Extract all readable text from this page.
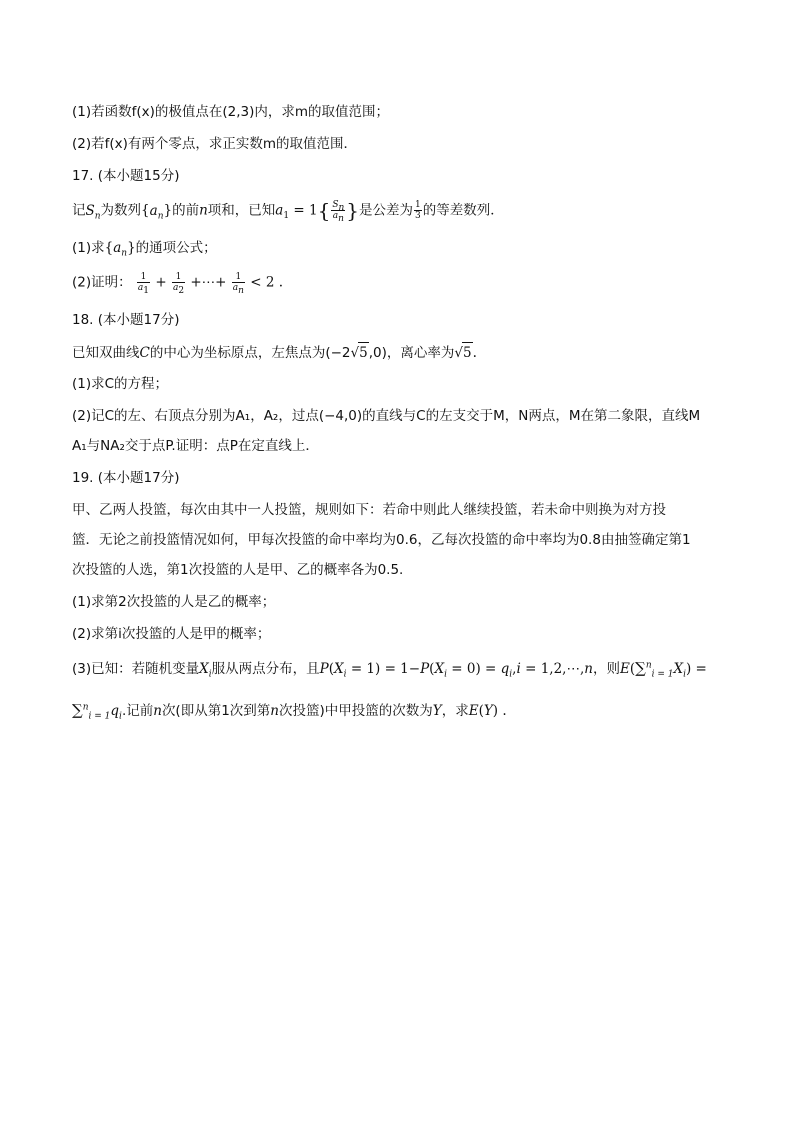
(1)若函数f(x)的极值点在(2,3)内，求m的取值范围；
(2)若f(x)有两个零点，求正实数m的取值范围．
17. (本小题15分)
记$S_n$为数列$\{a_n\}$的前n项和，已知$a_1 = 1\{ \frac{S_n}{a_n}$ }是公差为 $\frac{1}{3}$ 的等差数列．
(1)求$\{a_n\}$的通项公式；
(2)证明： $\frac{1}{a_1} + \frac{1}{a_2}$ +⋯+ $\frac{1}{a_n} < 2$ .
18. (本小题17分)
已知双曲线C的中心为坐标原点，左焦点为(−2√5,0)，离心率为√5.
(1)求C的方程；
(2)记C的左、右顶点分别为A₁，A₂，过点(−4,0)的直线与C的左支交于M，N两点，M在第二象限，直线M
A₁与NA₂交于点P.证明：点P在定直线上．
19. (本小题17分)
甲、乙两人投篮，每次由其中一人投篮，规则如下：若命中则此人继续投篮，若未命中则换为对方投
篮．无论之前投篮情况如何，甲每次投篮的命中率均为0.6，乙每次投篮的命中率均为0.8由抽签确定第1
次投篮的人选，第1次投篮的人是甲、乙的概率各为0.5.
(1)求第2次投篮的人是乙的概率；
(2)求第i次投篮的人是甲的概率；
(3)已知：若随机变量$X_i$服从两点分布，且$P(X_i = 1) = 1-P(X_i = 0) = q_i,i$ = 1,2,⋯,n，则$E(\sum^n_{i = 1}X_i)$ =
$\sum^n_{i = 1}q_i$.记前n次(即从第1次到第n次投篮)中甲投篮的次数为Y，求E(Y) .
